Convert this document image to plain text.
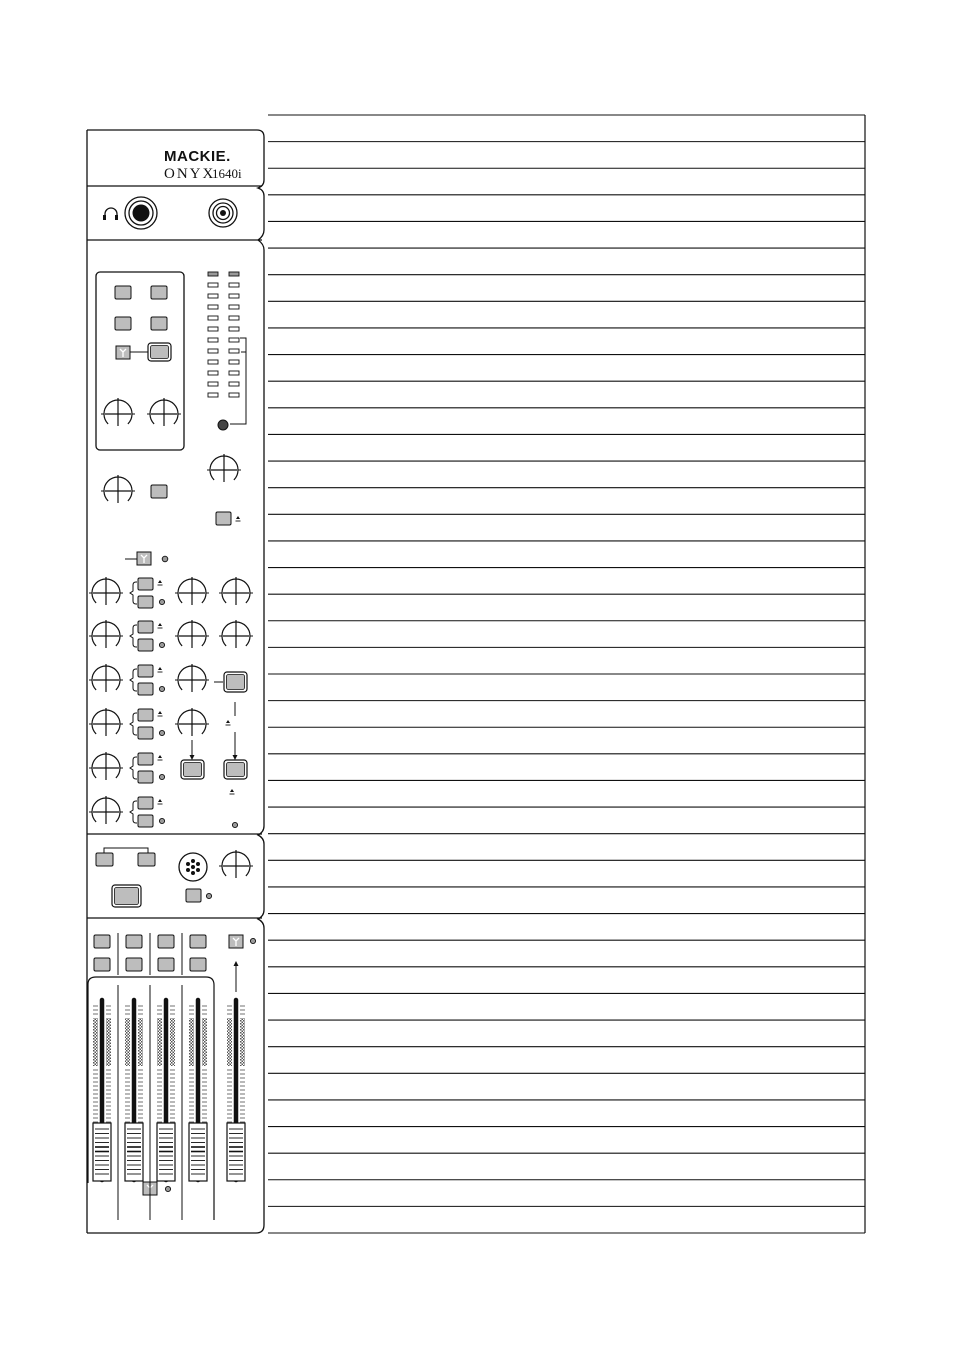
MACKIE.
ONYX
1640i
